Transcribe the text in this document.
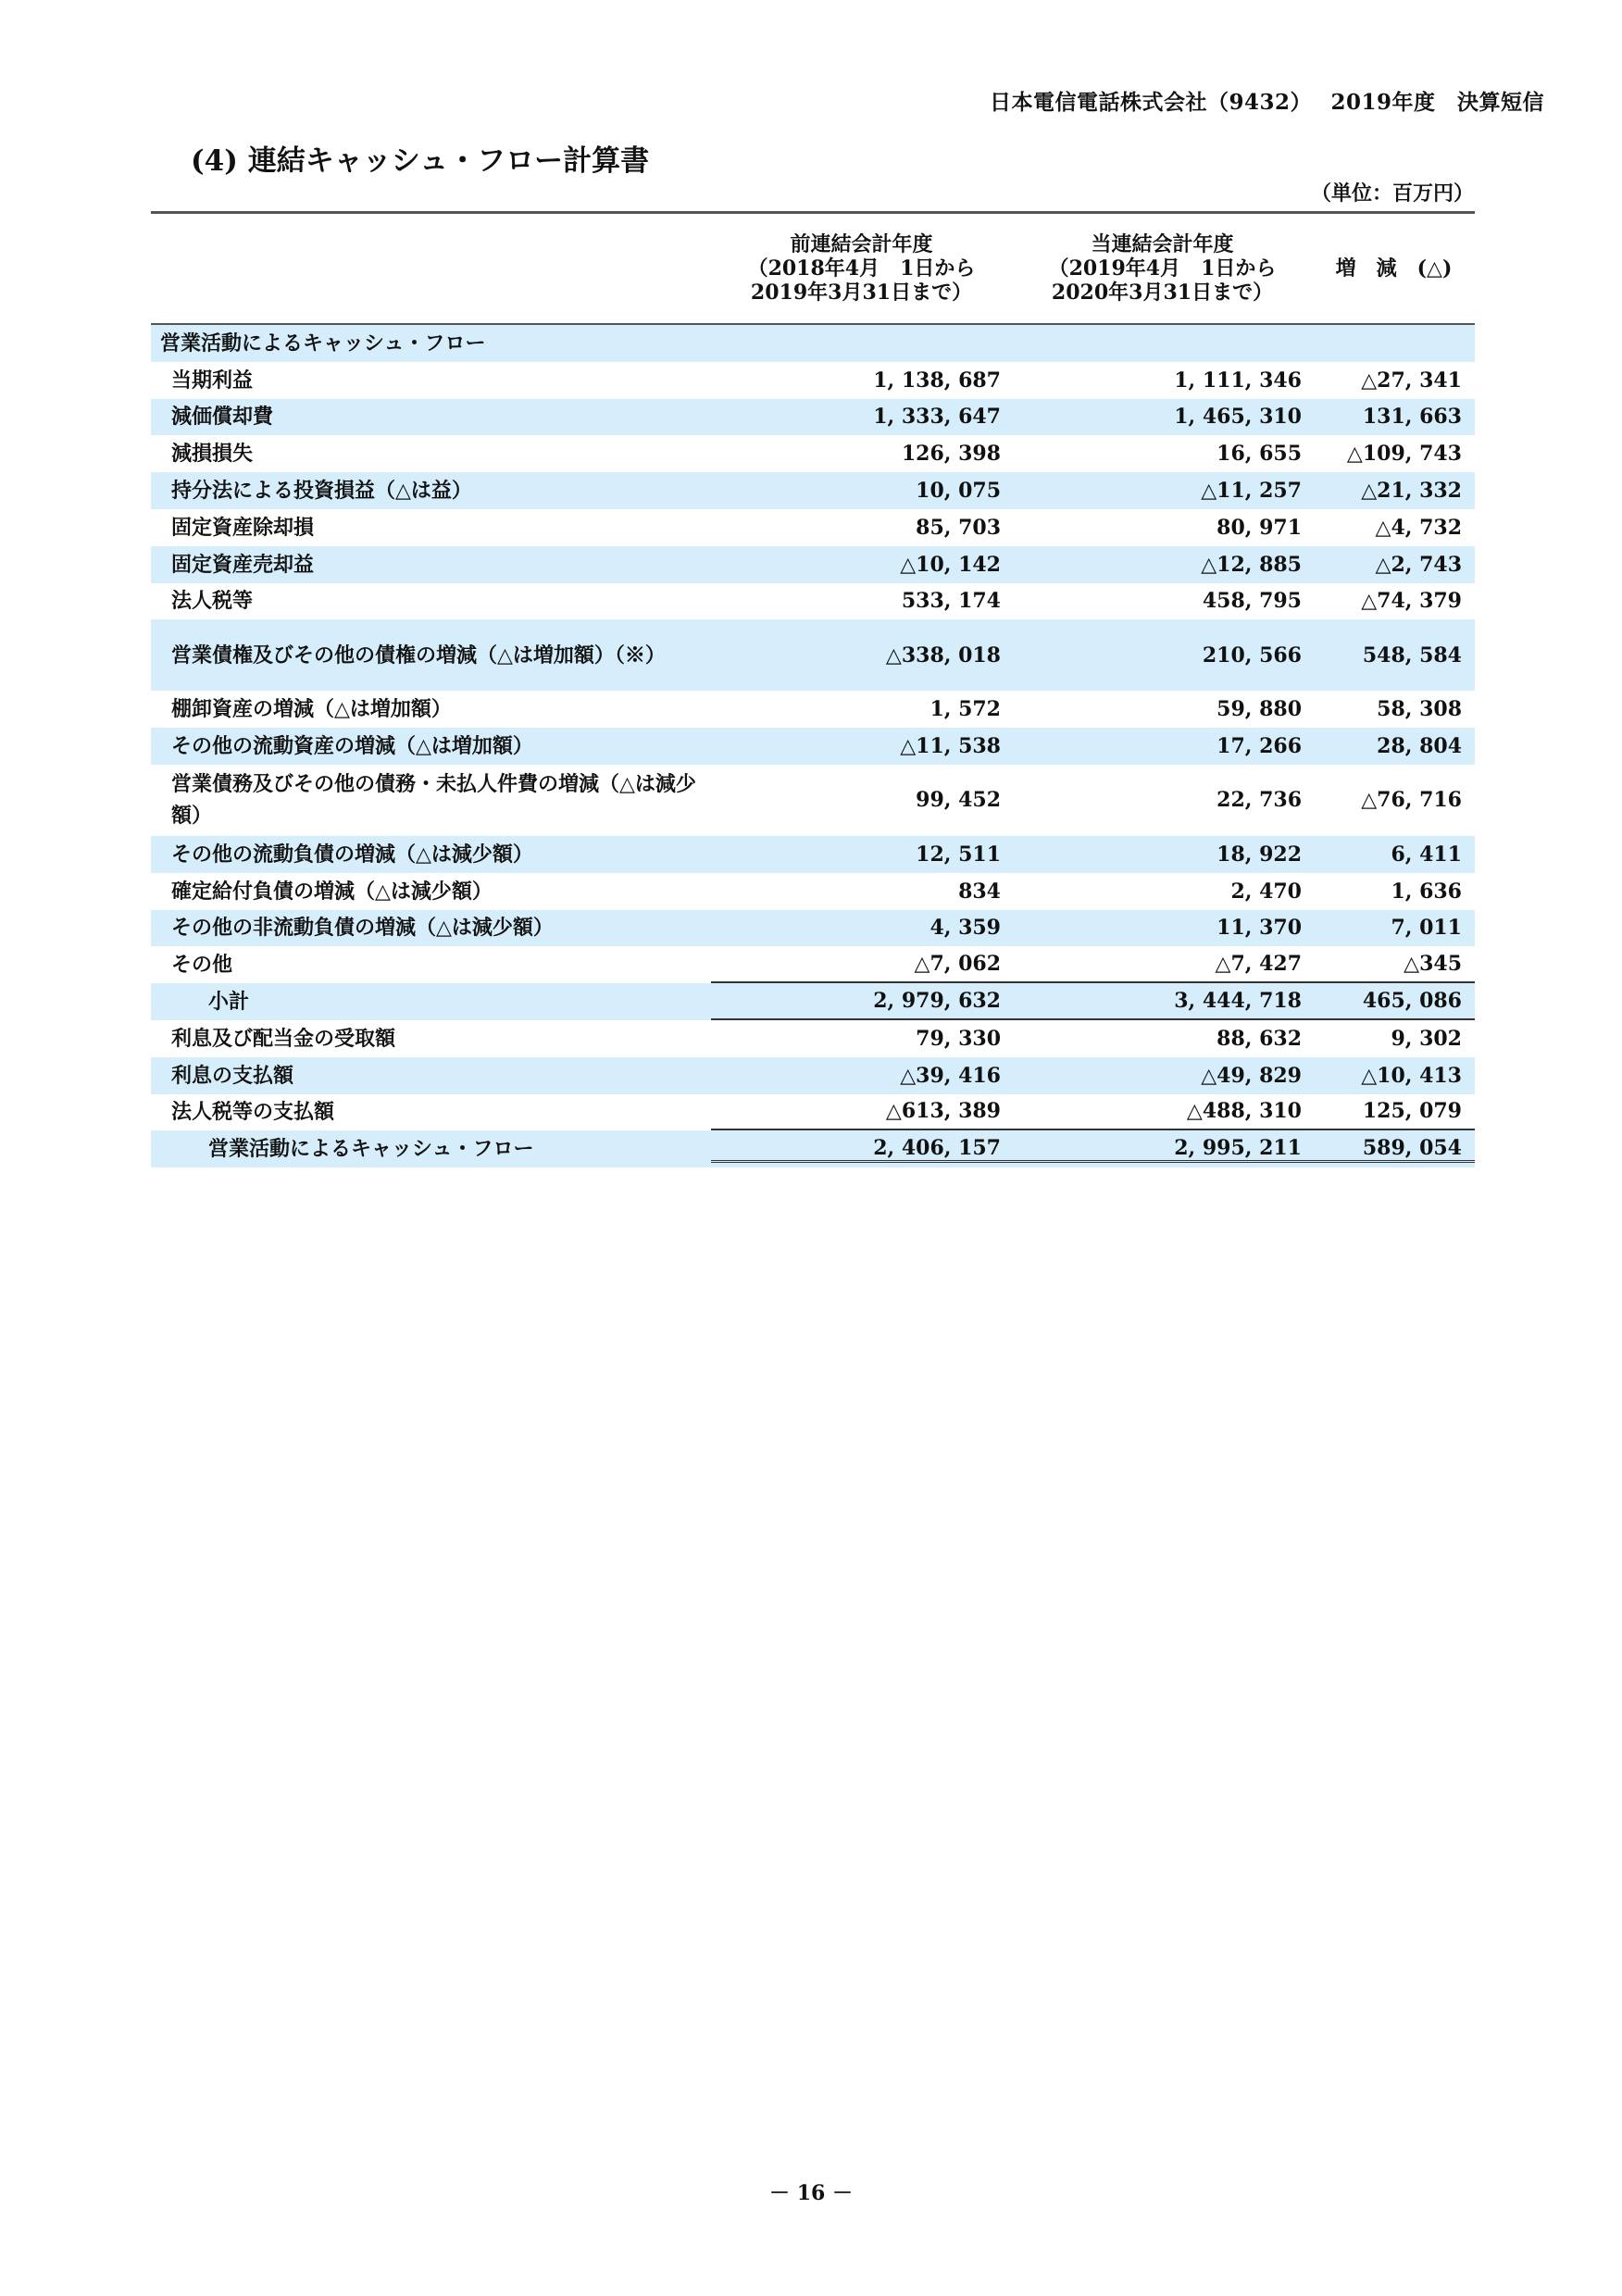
日本電信電話株式会社（9432）　 2019年度　決算短信
(4) 連結キャッシュ・フロー計算書
（単位：百万円）
前連結会計年度
（2018年4月　1日から
2019年3月31日まで）
当連結会計年度
（2019年4月　1日から
2020年3月31日まで）
増　減　(△)
営業活動によるキャッシュ・フロー
当期利益	1, 138, 687	1, 111, 346	△27, 341
減価償却費	1, 333, 647	1, 465, 310	131, 663
減損損失	126, 398	16, 655	△109, 743
持分法による投資損益（△は益）	10, 075	△11, 257	△21, 332
固定資産除却損	85, 703	80, 971	△4, 732
固定資産売却益	△10, 142	△12, 885	△2, 743
法人税等	533, 174	458, 795	△74, 379
営業債権及びその他の債権の増減（△は増加額）（※）	△338, 018	210, 566	548, 584
棚卸資産の増減（△は増加額）	1, 572	59, 880	58, 308
その他の流動資産の増減（△は増加額）	△11, 538	17, 266	28, 804
営業債務及びその他の債務・未払人件費の増減（△は減少額）
99, 452	22, 736	△76, 716
その他の流動負債の増減（△は減少額）	12, 511	18, 922	6, 411
確定給付負債の増減（△は減少額）	834	2, 470	1, 636
その他の非流動負債の増減（△は減少額）	4, 359	11, 370	7, 011
その他	△7, 062	△7, 427	△345
小計	2, 979, 632	3, 444, 718	465, 086
利息及び配当金の受取額	79, 330	88, 632	9, 302
利息の支払額	△39, 416	△49, 829	△10, 413
法人税等の支払額	△613, 389	△488, 310	125, 079
営業活動によるキャッシュ・フロー	2, 406, 157	2, 995, 211	589, 054
－ 16 －
